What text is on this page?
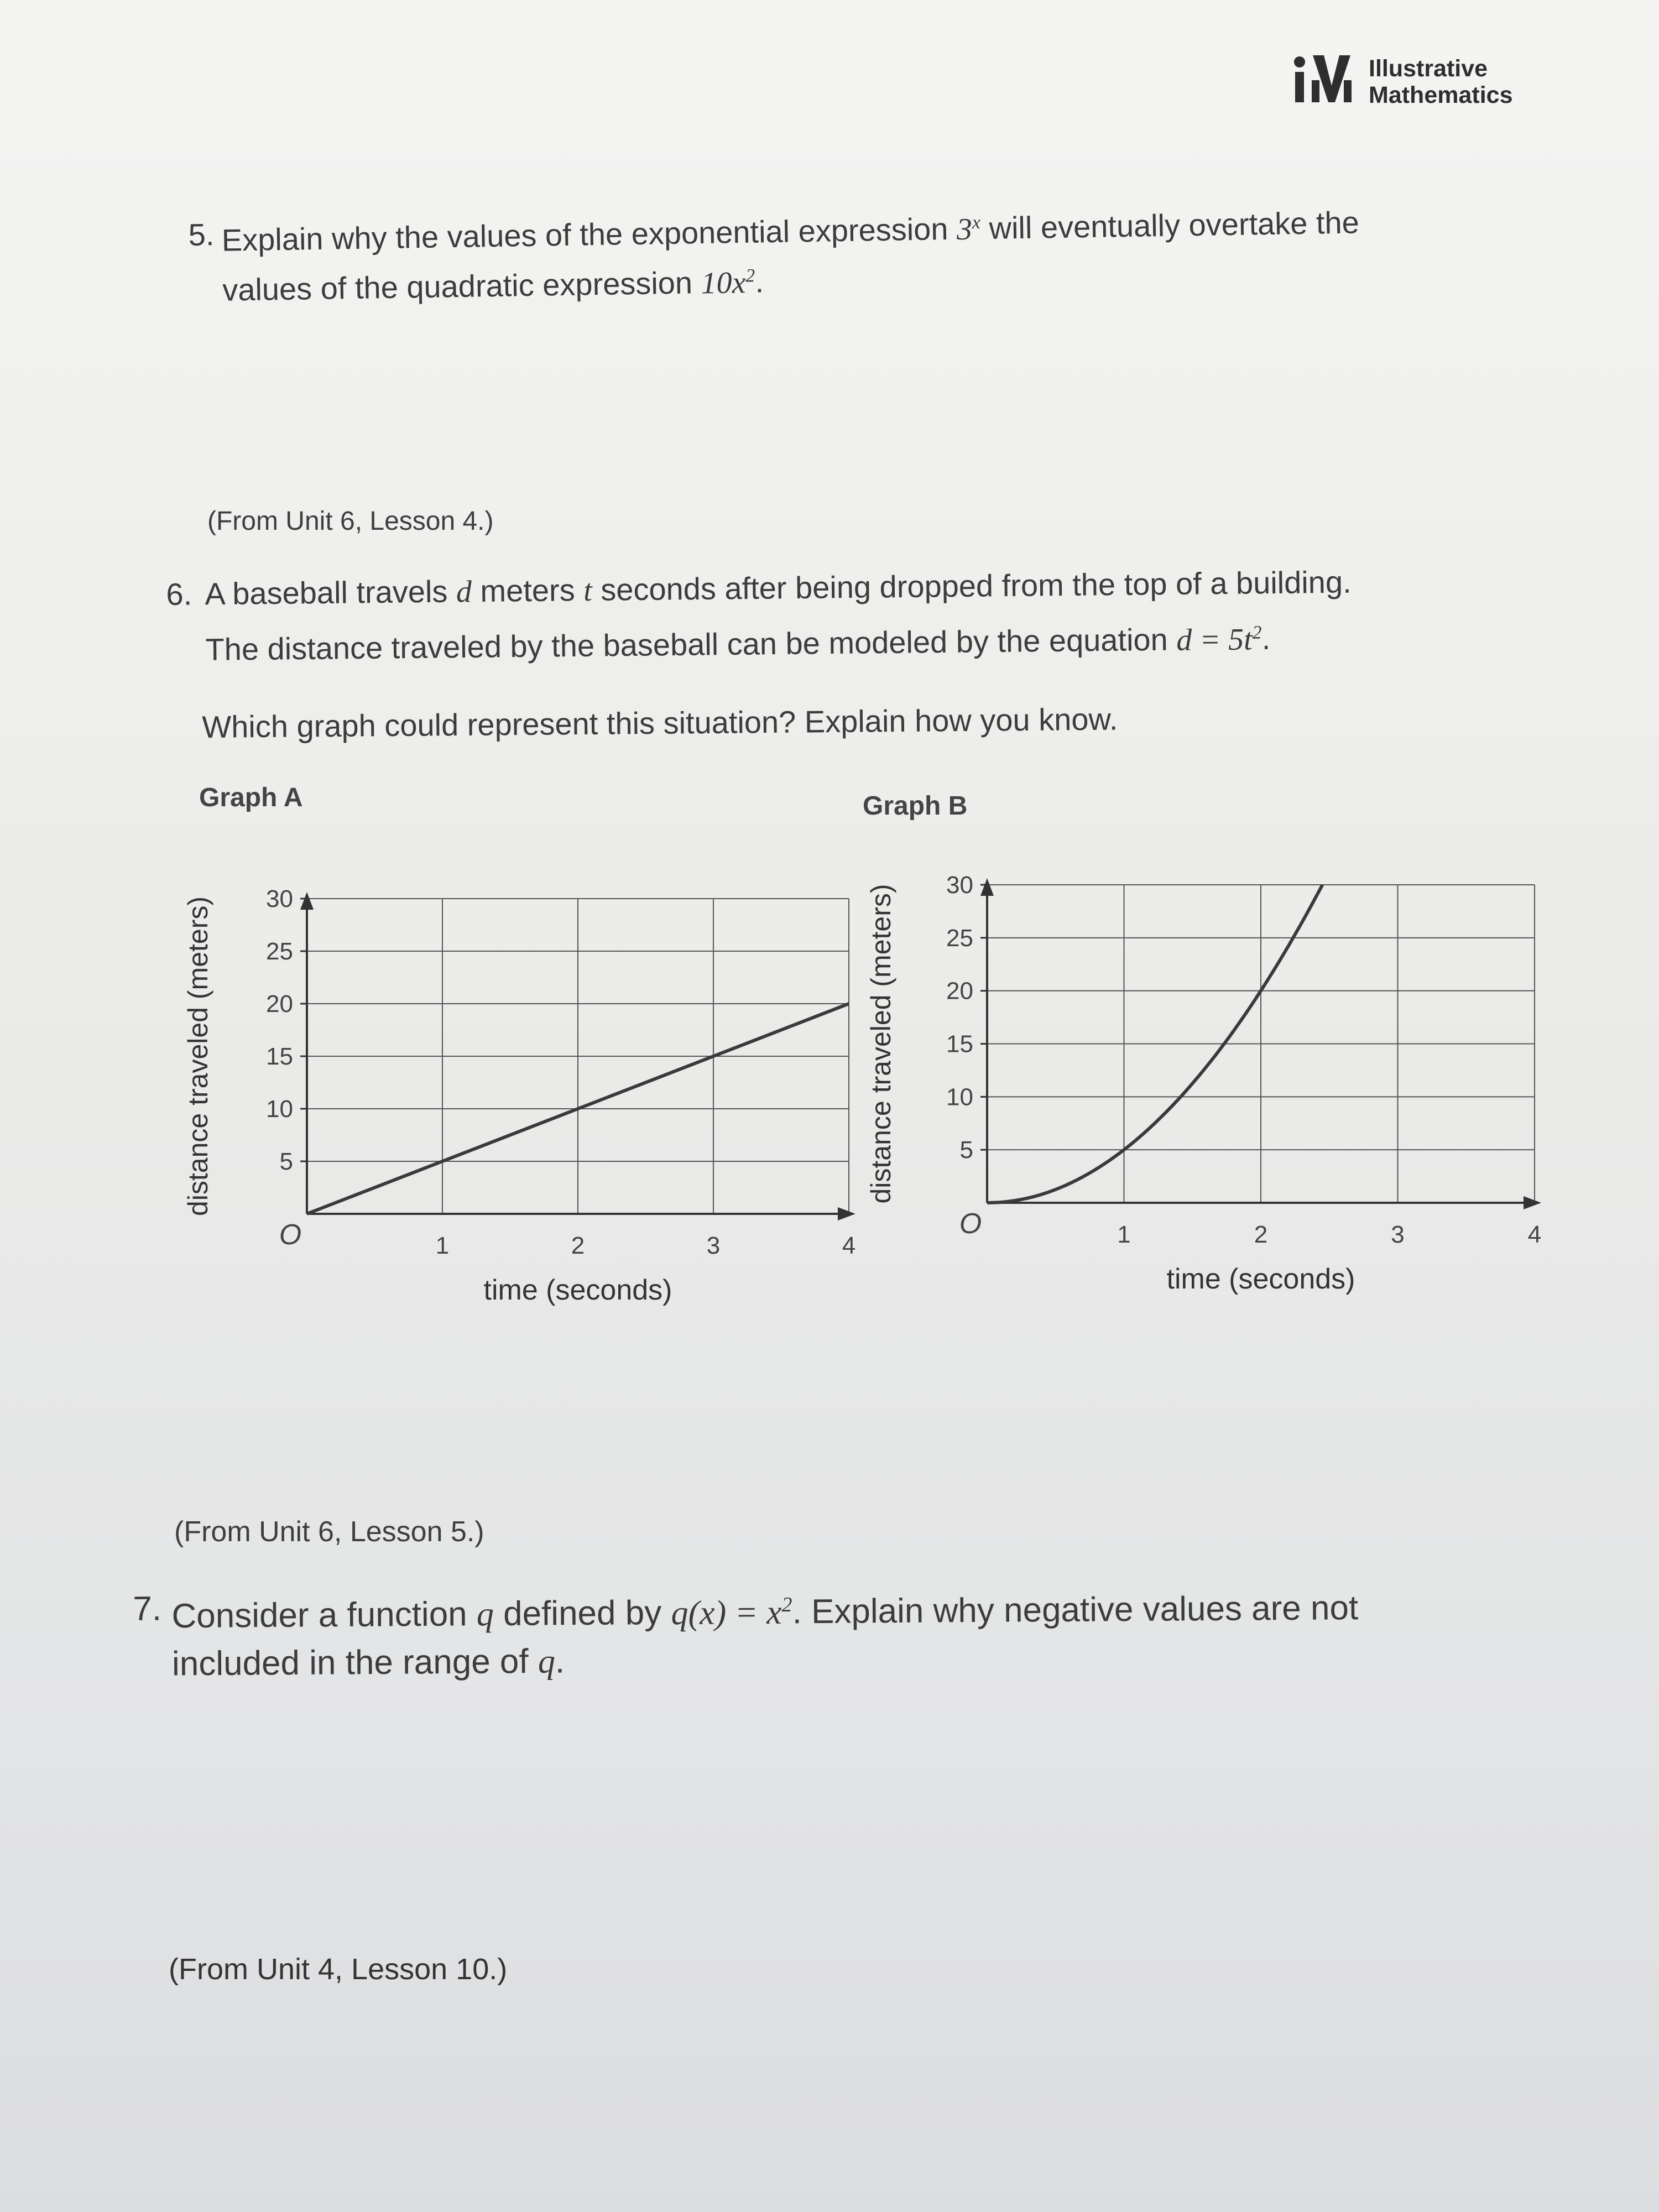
Illustrative
Mathematics
5. Explain why the values of the exponential expression 3$^x$ will eventually overtake the
values of the quadratic expression $10x^2$.
(From Unit 6, Lesson 4.)
6. A baseball travels d meters t seconds after being dropped from the top of a building.
The distance traveled by the baseball can be modeled by the equation $d = 5t^2$.
Which graph could represent this situation? Explain how you know.
Graph A	Graph B
5
10
15
20
25
30
1	2	3	4
O
time (seconds)
distance traveled (meters)	5
10
15
20
25
30
1	2	3	4
O
time (seconds)
distance traveled (meters)
(From Unit 6, Lesson 5.)
7. Consider a function q defined by $q(x) = x^2$. Explain why negative values are not
included in the range of q.
(From Unit 4, Lesson 10.)
